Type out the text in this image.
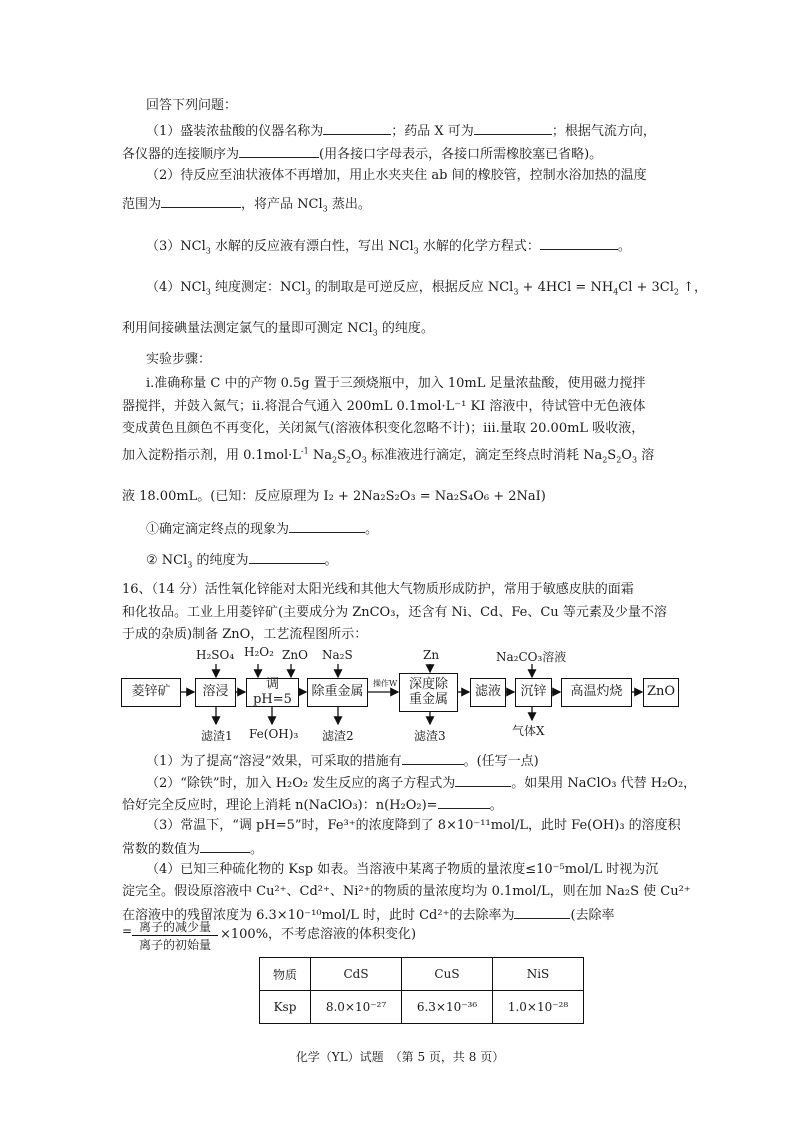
回答下列问题：
（1）盛装浓盐酸的仪器名称为	；药品 X 可为	；根据气流方向，
各仪器的连接顺序为	(用各接口字母表示，各接口所需橡胶塞已省略)。
（2）待反应至油状液体不再增加，用止水夹夹住 ab 间的橡胶管，控制水浴加热的温度
范围为	，将产品 NCl$_3$ 蒸出。
（3）NCl$_3$ 水解的反应液有漂白性，写出 NCl$_3$ 水解的化学方程式：	。
（4）NCl$_3$ 纯度测定：NCl$_3$ 的制取是可逆反应，根据反应 $NCl_3 + 4HCl = NH_4Cl + 3Cl_2$ ↑，
利用间接碘量法测定氯气的量即可测定 NCl$_3$ 的纯度。
实验步骤：
ⅰ.准确称量 C 中的产物 0.5g 置于三颈烧瓶中，加入 10mL 足量浓盐酸，使用磁力搅拌
器搅拌，并鼓入氮气；ⅱ.将混合气通入 200mL 0.1mol·L⁻¹ KI 溶液中，待试管中无色液体
变成黄色且颜色不再变化，关闭氮气(溶液体积变化忽略不计)；ⅲ.量取 20.00mL 吸收液，
加入淀粉指示剂，用 $0.1mol\cdot L^{-1}$ $Na_2S_2O_3$ 标准液进行滴定，滴定至终点时消耗 $Na_2S_2O_3$ 溶
液 18.00mL。(已知：反应原理为 I₂ + 2Na₂S₂O₃ = Na₂S₄O₆ + 2NaI)
①确定滴定终点的现象为	。
② NCl$_3$ 的纯度为	。
16、（14 分）活性氧化锌能对太阳光线和其他大气物质形成防护，常用于敏感皮肤的面霜
和化妆品。工业上用菱锌矿(主要成分为 ZnCO₃，还含有 Ni、Cd、Fe、Cu 等元素及少量不溶
于成的杂质)制备 ZnO，工艺流程图所示：
H₂SO₄ H₂O₂ ZnO Na₂S	Zn	Na₂CO₃溶液
菱锌矿	溶浸	调pH=5	除重金属
操作W 深度除
重金属	滤液	沉锌	高温灼烧	ZnO
滤渣1 Fe(OH)₃ 滤渣2	滤渣3	气体X
（1）为了提高“溶浸”效果，可采取的措施有	。(任写一点)
（2）“除铁”时，加入 H₂O₂ 发生反应的离子方程式为	。如果用 NaClO₃ 代替 H₂O₂，
恰好完全反应时，理论上消耗 n(NaClO₃)：n(H₂O₂)=	。
（3）常温下，“调 pH=5”时，Fe³⁺的浓度降到了 8×10⁻¹¹mol/L，此时 Fe(OH)₃ 的溶度积
常数的数值为	。
（4）已知三种硫化物的 Ksp 如表。当溶液中某离子物质的量浓度≤10⁻⁵mol/L 时视为沉
淀完全。假设原溶液中 Cu²⁺、Cd²⁺、Ni²⁺的物质的量浓度均为 0.1mol/L，则在加 Na₂S 使 Cu²⁺
在溶液中的残留浓度为 6.3×10⁻¹⁰mol/L 时，此时 Cd²⁺的去除率为	(去除率
= 离子的减少量
离子的初始量
×100%，不考虑溶液的体积变化)
物质	CdS	CuS	NiS
Ksp	8.0×10⁻²⁷	6.3×10⁻³⁶	1.0×10⁻²⁸
化学（YL）试题　（第 5 页，共 8 页）
